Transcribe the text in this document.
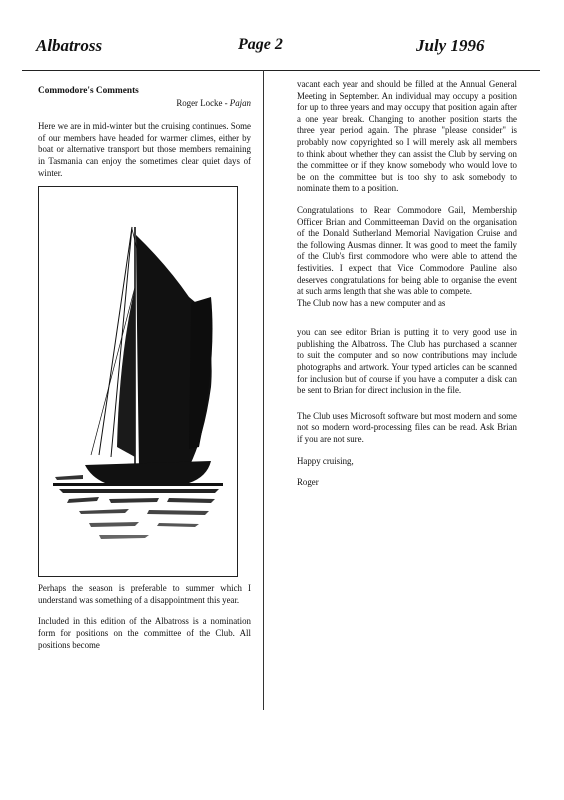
Albatross	Page 2	July 1996
Commodore's Comments
Roger Locke - Pajan

Here we are in mid-winter but the cruising continues. Some of our members have headed for warmer climes, either by boat or alternative transport but those members remaining in Tasmania can enjoy the sometimes clear quiet days of winter.

Perhaps the season is preferable to summer which I understand was something of a disappointment this year.

Included in this edition of the Albatross is a nomination form for positions on the committee of the Club. All positions become

vacant each year and should be filled at the Annual General Meeting in September. An individual may occupy a position for up to three years and may occupy that position again after a one year break. Changing to another position starts the three year period again. The phrase "please consider" is probably now copyrighted so I will merely ask all members to think about whether they can assist the Club by serving on the committee or if they know somebody who would love to be on the committee but is too shy to ask somebody to nominate them to a position.

Congratulations to Rear Commodore Gail, Membership Officer Brian and Committeeman David on the organisation of the Donald Sutherland Memorial Navigation Cruise and the following Ausmas dinner. It was good to meet the family of the Club's first commodore who were able to attend the festivities. I expect that Vice Commodore Pauline also deserves congratulations for being able to organise the event at such arms length that she was able to compete.

The Club now has a new computer and as

you can see editor Brian is putting it to very good use in publishing the Albatross. The Club has purchased a scanner to suit the computer and so now contributions may include photographs and artwork. Your typed articles can be scanned for inclusion but of course if you have a computer a disk can be sent to Brian for direct inclusion in the file.

The Club uses Microsoft software but most modern and some not so modern word-processing files can be read. Ask Brian if you are not sure.

Happy cruising,

Roger
